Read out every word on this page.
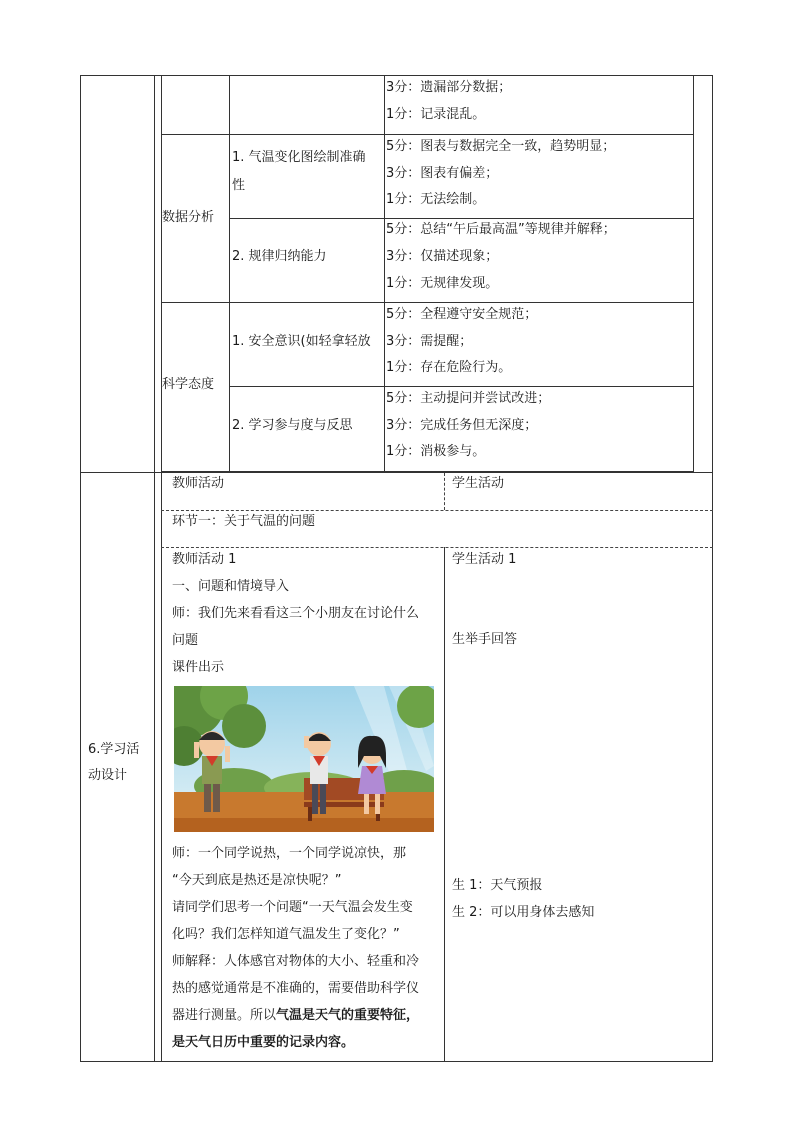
3分：遗漏部分数据；
1分：记录混乱。
数据分析
1. 气温变化图绘制准确
性
5分：图表与数据完全一致，趋势明显；
3分：图表有偏差；
1分：无法绘制。
2. 规律归纳能力
5分：总结“午后最高温”等规律并解释；
3分：仅描述现象；
1分：无规律发现。
科学态度
1. 安全意识(如轻拿轻放
5分：全程遵守安全规范；
3分：需提醒；
1分：存在危险行为。
2. 学习参与度与反思
5分：主动提问并尝试改进；
3分：完成任务但无深度；
1分：消极参与。
6.学习活
动设计
教师活动	学生活动
环节一：关于气温的问题
教师活动 1	学生活动 1
一、问题和情境导入
师：我们先来看看这三个小朋友在讨论什么
问题
课件出示
生举手回答
师：一个同学说热，一个同学说凉快，那
“今天到底是热还是凉快呢？”
请同学们思考一个问题“一天气温会发生变
化吗？我们怎样知道气温发生了变化？”
师解释：人体感官对物体的大小、轻重和冷
热的感觉通常是不准确的，需要借助科学仪
器进行测量。所以气温是天气的重要特征，
是天气日历中重要的记录内容。
生 1：天气预报
生 2：可以用身体去感知
